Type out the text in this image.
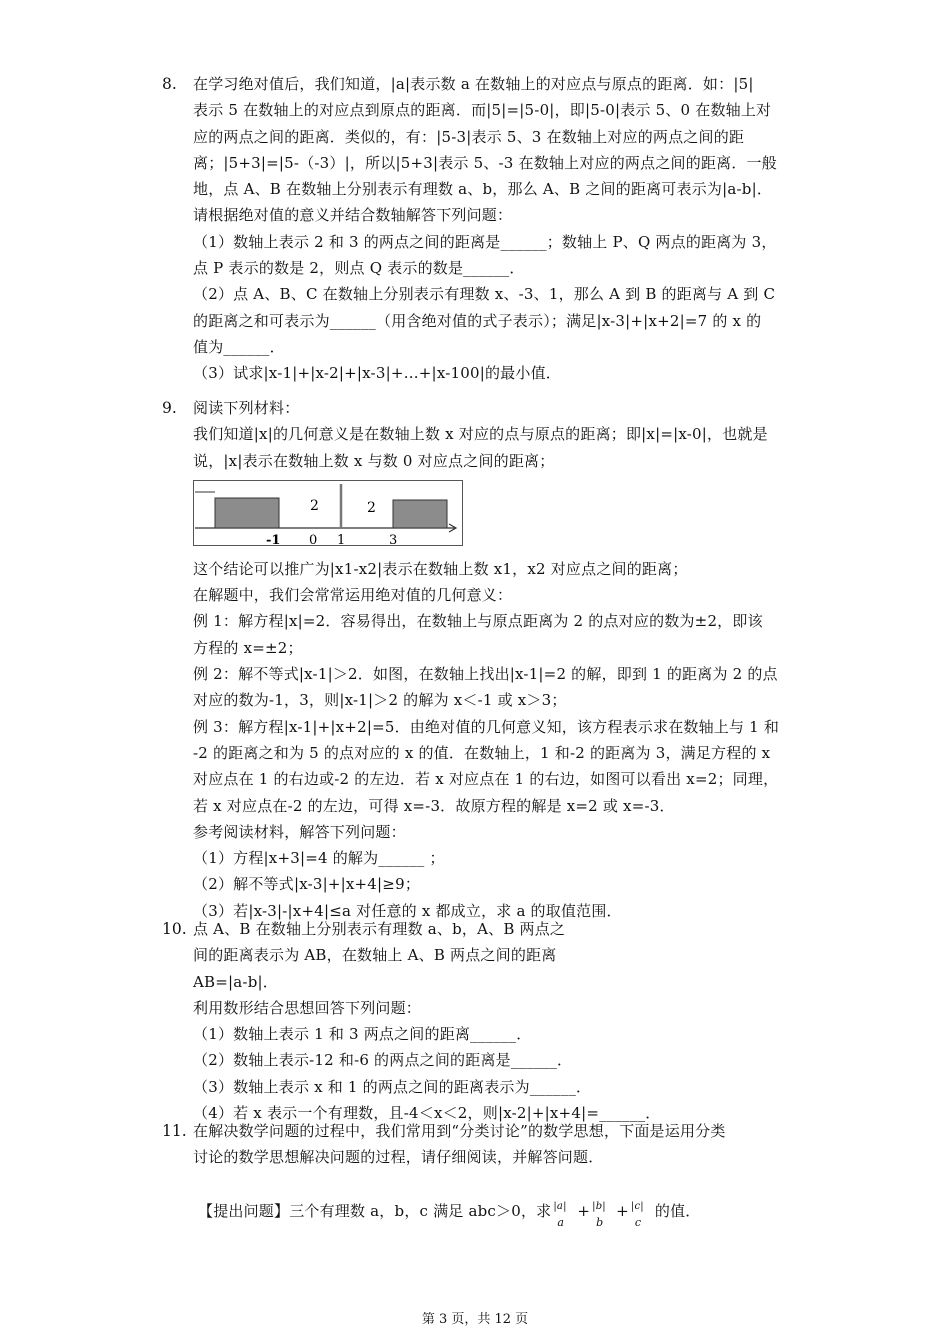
8. 在学习绝对值后，我们知道，|a|表示数 a 在数轴上的对应点与原点的距离．如：|5|
表示 5 在数轴上的对应点到原点的距离．而|5|=|5-0|，即|5-0|表示 5、0 在数轴上对
应的两点之间的距离．类似的，有：|5-3|表示 5、3 在数轴上对应的两点之间的距
离；|5+3|=|5-（-3）|，所以|5+3|表示 5、-3 在数轴上对应的两点之间的距离．一般
地，点 A、B 在数轴上分别表示有理数 a、b，那么 A、B 之间的距离可表示为|a-b|．
请根据绝对值的意义并结合数轴解答下列问题：
（1）数轴上表示 2 和 3 的两点之间的距离是______；数轴上 P、Q 两点的距离为 3，
点 P 表示的数是 2，则点 Q 表示的数是______．
（2）点 A、B、C 在数轴上分别表示有理数 x、-3、1，那么 A 到 B 的距离与 A 到 C
的距离之和可表示为______（用含绝对值的式子表示）；满足|x-3|+|x+2|=7 的 x 的
值为______．
（3）试求|x-1|+|x-2|+|x-3|+…+|x-100|的最小值．
9. 阅读下列材料：
我们知道|x|的几何意义是在数轴上数 x 对应的点与原点的距离；即|x|=|x-0|，也就是
说，|x|表示在数轴上数 x 与数 0 对应点之间的距离；
2	2
-1 0 1	3
这个结论可以推广为|x1-x2|表示在数轴上数 x1，x2 对应点之间的距离；
在解题中，我们会常常运用绝对值的几何意义：
例 1：解方程|x|=2．容易得出，在数轴上与原点距离为 2 的点对应的数为±2，即该
方程的 x=±2；
例 2：解不等式|x-1|＞2．如图，在数轴上找出|x-1|=2 的解，即到 1 的距离为 2 的点
对应的数为-1，3，则|x-1|＞2 的解为 x＜-1 或 x＞3；
例 3：解方程|x-1|+|x+2|=5．由绝对值的几何意义知，该方程表示求在数轴上与 1 和
-2 的距离之和为 5 的点对应的 x 的值．在数轴上，1 和-2 的距离为 3，满足方程的 x
对应点在 1 的右边或-2 的左边．若 x 对应点在 1 的右边，如图可以看出 x=2；同理，
若 x 对应点在-2 的左边，可得 x=-3．故原方程的解是 x=2 或 x=-3．
参考阅读材料，解答下列问题：
（1）方程|x+3|=4 的解为______ ；
（2）解不等式|x-3|+|x+4|≥9；
（3）若|x-3|-|x+4|≤a 对任意的 x 都成立，求 a 的取值范围．
10. 点 A、B 在数轴上分别表示有理数 a、b，A、B 两点之
间的距离表示为 AB，在数轴上 A、B 两点之间的距离
AB=|a-b|．
利用数形结合思想回答下列问题：
（1）数轴上表示 1 和 3 两点之间的距离______．
（2）数轴上表示-12 和-6 的两点之间的距离是______．
（3）数轴上表示 x 和 1 的两点之间的距离表示为______．
（4）若 x 表示一个有理数，且-4＜x＜2，则|x-2|+|x+4|=______．
11. 在解决数学问题的过程中，我们常用到“分类讨论”的数学思想，下面是运用分类
讨论的数学思想解决问题的过程，请仔细阅读，并解答问题．
【提出问题】三个有理数 a，b，c 满足 abc＞0，求 |a|
a
+ |b|
b
+ |c|
c
的值．
第 3 页，共 12 页
